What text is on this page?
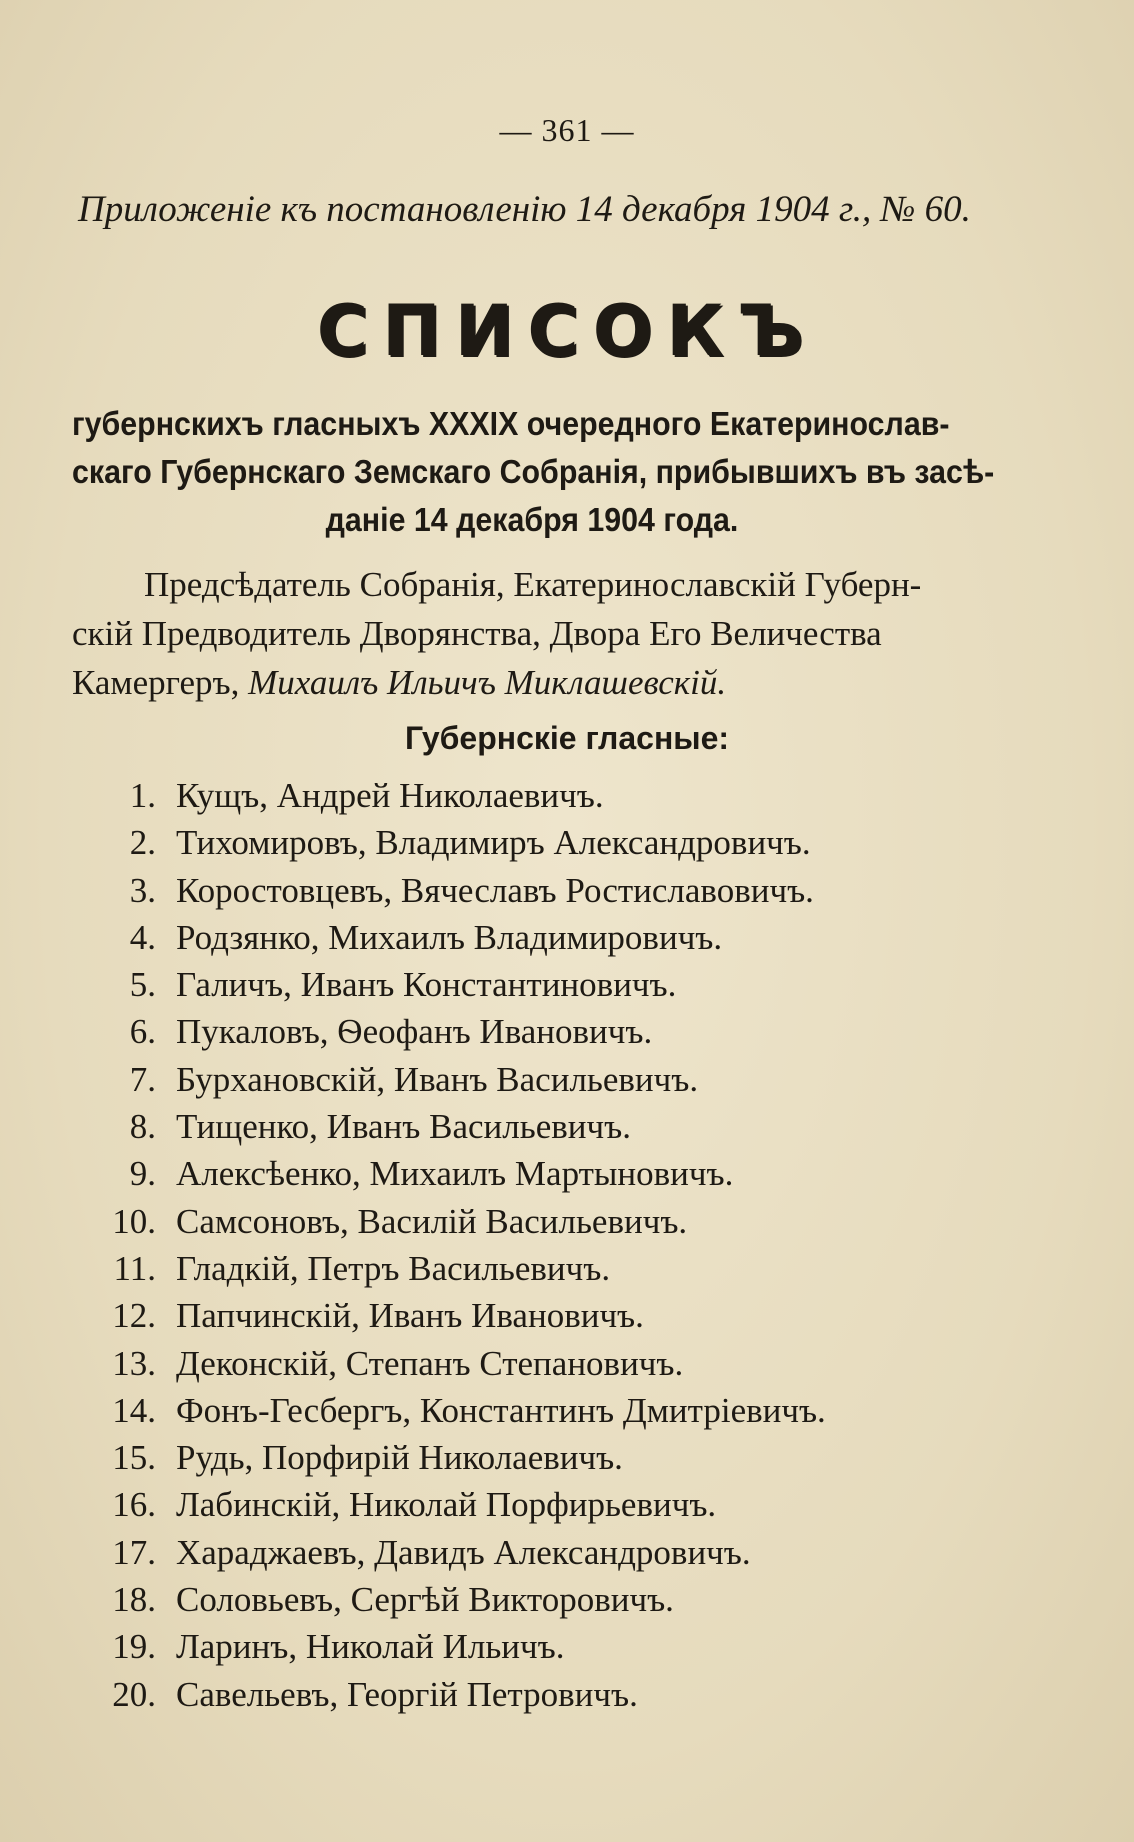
— 361 —
Приложеніе къ постановленію 14 декабря 1904 г., № 60.
СПИСОКЪ
губернскихъ гласныхъ XXXIX очередного Екатеринослав-
скаго Губернскаго Земскаго Собранія, прибывшихъ въ засѣ-
даніе 14 декабря 1904 года.
Предсѣдатель Собранія, Екатеринославскій Губерн-
скій Предводитель Дворянства, Двора Его Величества
Камергеръ, Михаилъ Ильичъ Миклашевскій.
Губернскіе гласные:
1. Кущъ, Андрей Николаевичъ.
2. Тихомировъ, Владимиръ Александровичъ.
3. Коростовцевъ, Вячеславъ Ростиславовичъ.
4. Родзянко, Михаилъ Владимировичъ.
5. Галичъ, Иванъ Константиновичъ.
6. Пукаловъ, Ѳеофанъ Ивановичъ.
7. Бурхановскій, Иванъ Васильевичъ.
8. Тищенко, Иванъ Васильевичъ.
9. Алексѣенко, Михаилъ Мартыновичъ.
10. Самсоновъ, Василій Васильевичъ.
11. Гладкій, Петръ Васильевичъ.
12. Папчинскій, Иванъ Ивановичъ.
13. Деконскій, Степанъ Степановичъ.
14. Фонъ-Гесбергъ, Константинъ Дмитріевичъ.
15. Рудь, Порфирій Николаевичъ.
16. Лабинскій, Николай Порфирьевичъ.
17. Хараджаевъ, Давидъ Александровичъ.
18. Соловьевъ, Сергѣй Викторовичъ.
19. Ларинъ, Николай Ильичъ.
20. Савельевъ, Георгій Петровичъ.
